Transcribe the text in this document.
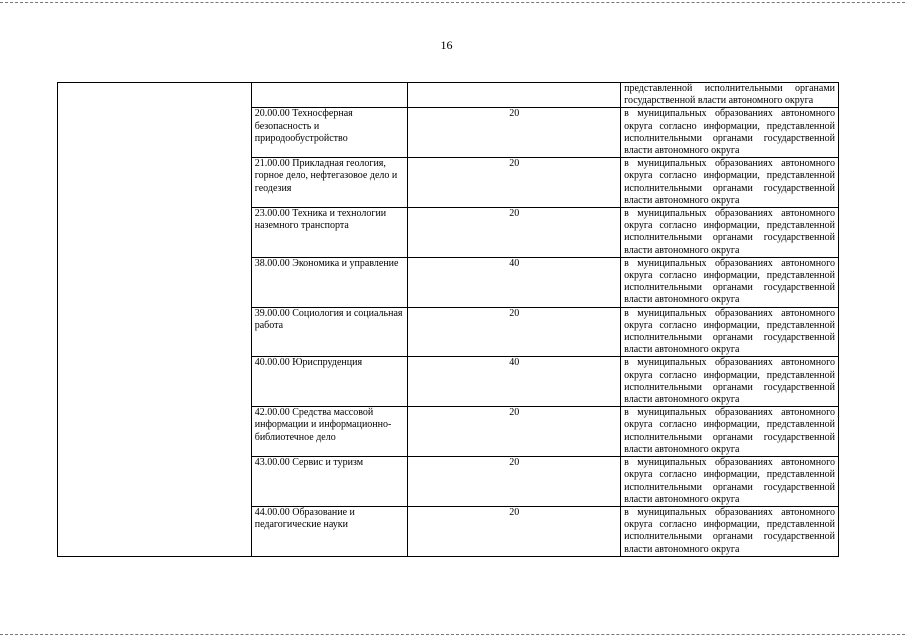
16
			представленной исполнительными органами государственной власти автономного округа
	20.00.00 Техносферная безопасность и природообустройство	20	в муниципальных образованиях автономного округа согласно информации, представленной исполнительными органами государственной власти автономного округа
	21.00.00 Прикладная геология, горное дело, нефтегазовое дело и геодезия	20	в муниципальных образованиях автономного округа согласно информации, представленной исполнительными органами государственной власти автономного округа
	23.00.00 Техника и технологии наземного транспорта	20	в муниципальных образованиях автономного округа согласно информации, представленной исполнительными органами государственной власти автономного округа
	38.00.00 Экономика и управление	40	в муниципальных образованиях автономного округа согласно информации, представленной исполнительными органами государственной власти автономного округа
	39.00.00 Социология и социальная работа	20	в муниципальных образованиях автономного округа согласно информации, представленной исполнительными органами государственной власти автономного округа
	40.00.00 Юриспруденция	40	в муниципальных образованиях автономного округа согласно информации, представленной исполнительными органами государственной власти автономного округа
	42.00.00 Средства массовой информации и информационно-библиотечное дело	20	в муниципальных образованиях автономного округа согласно информации, представленной исполнительными органами государственной власти автономного округа
	43.00.00 Сервис и туризм	20	в муниципальных образованиях автономного округа согласно информации, представленной исполнительными органами государственной власти автономного округа
	44.00.00 Образование и педагогические науки	20	в муниципальных образованиях автономного округа согласно информации, представленной исполнительными органами государственной власти автономного округа
-
